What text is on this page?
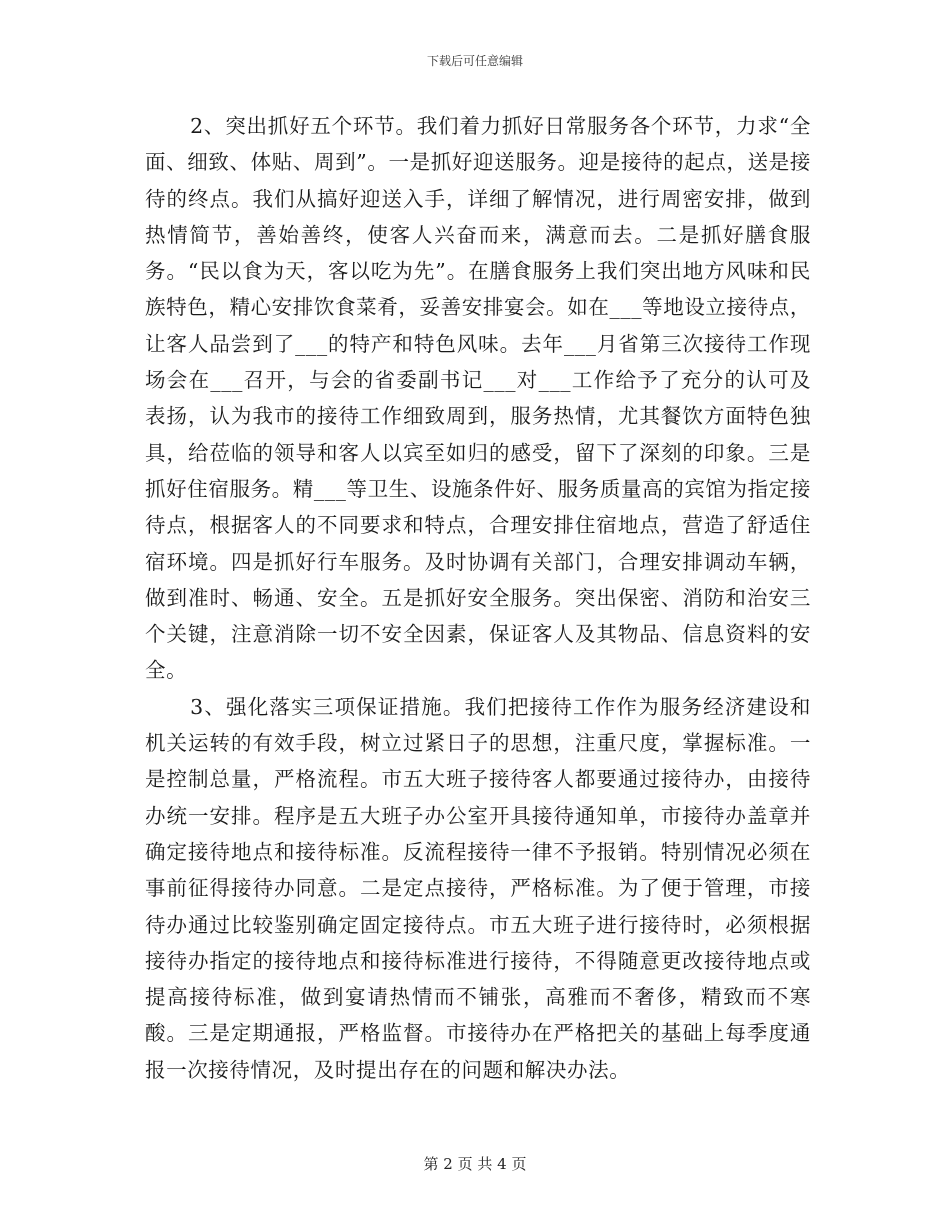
下载后可任意编辑

2、突出抓好五个环节。我们着力抓好日常服务各个环节，力求“全面、细致、体贴、周到”。一是抓好迎送服务。迎是接待的起点，送是接待的终点。我们从搞好迎送入手，详细了解情况，进行周密安排，做到热情简节，善始善终，使客人兴奋而来，满意而去。二是抓好膳食服务。“民以食为天，客以吃为先”。在膳食服务上我们突出地方风味和民族特色，精心安排饮食菜肴，妥善安排宴会。如在___等地设立接待点，让客人品尝到了___的特产和特色风味。去年___月省第三次接待工作现场会在___召开，与会的省委副书记___对___工作给予了充分的认可及表扬，认为我市的接待工作细致周到，服务热情，尤其餐饮方面特色独具，给莅临的领导和客人以宾至如归的感受，留下了深刻的印象。三是抓好住宿服务。精___等卫生、设施条件好、服务质量高的宾馆为指定接待点，根据客人的不同要求和特点，合理安排住宿地点，营造了舒适住宿环境。四是抓好行车服务。及时协调有关部门，合理安排调动车辆，做到准时、畅通、安全。五是抓好安全服务。突出保密、消防和治安三个关键，注意消除一切不安全因素，保证客人及其物品、信息资料的安全。

3、强化落实三项保证措施。我们把接待工作作为服务经济建设和机关运转的有效手段，树立过紧日子的思想，注重尺度，掌握标准。一是控制总量，严格流程。市五大班子接待客人都要通过接待办，由接待办统一安排。程序是五大班子办公室开具接待通知单，市接待办盖章并确定接待地点和接待标准。反流程接待一律不予报销。特别情况必须在事前征得接待办同意。二是定点接待，严格标准。为了便于管理，市接待办通过比较鉴别确定固定接待点。市五大班子进行接待时，必须根据接待办指定的接待地点和接待标准进行接待，不得随意更改接待地点或提高接待标准，做到宴请热情而不铺张，高雅而不奢侈，精致而不寒酸。三是定期通报，严格监督。市接待办在严格把关的基础上每季度通报一次接待情况，及时提出存在的问题和解决办法。

第 2 页 共 4 页
